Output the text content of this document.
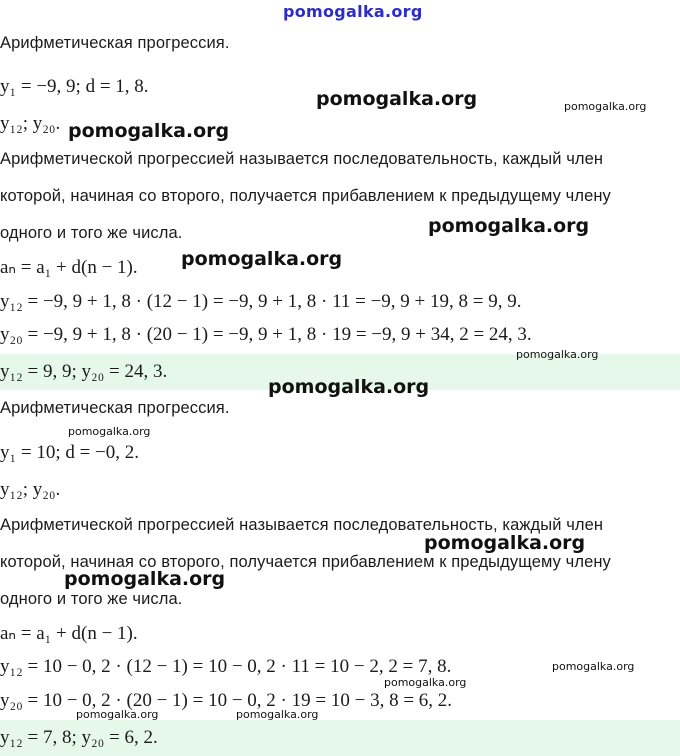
pomogalka.org
Арифметическая прогрессия.
y₁ = −9, 9; d = 1, 8.
y₁₂; y₂₀.
Арифметической прогрессией называется последовательность, каждый член
которой, начиная со второго, получается прибавлением к предыдущему члену
одного и того же числа.
aₙ = a₁ + d(n − 1).
y₁₂ = −9, 9 + 1, 8 · (12 − 1) = −9, 9 + 1, 8 · 11 = −9, 9 + 19, 8 = 9, 9.
y₂₀ = −9, 9 + 1, 8 · (20 − 1) = −9, 9 + 1, 8 · 19 = −9, 9 + 34, 2 = 24, 3.
y₁₂ = 9, 9; y₂₀ = 24, 3.
Арифметическая прогрессия.
y₁ = 10; d = −0, 2.
y₁₂; y₂₀.
Арифметической прогрессией называется последовательность, каждый член
которой, начиная со второго, получается прибавлением к предыдущему члену
одного и того же числа.
aₙ = a₁ + d(n − 1).
y₁₂ = 10 − 0, 2 · (12 − 1) = 10 − 0, 2 · 11 = 10 − 2, 2 = 7, 8.
y₂₀ = 10 − 0, 2 · (20 − 1) = 10 − 0, 2 · 19 = 10 − 3, 8 = 6, 2.
y₁₂ = 7, 8; y₂₀ = 6, 2.
pomogalka.org	pomogalka.org
pomogalka.org
pomogalka.org
pomogalka.org
pomogalka.org
pomogalka.org
pomogalka.org
pomogalka.org
pomogalka.org
pomogalka.org
pomogalka.org
pomogalka.org	pomogalka.org
